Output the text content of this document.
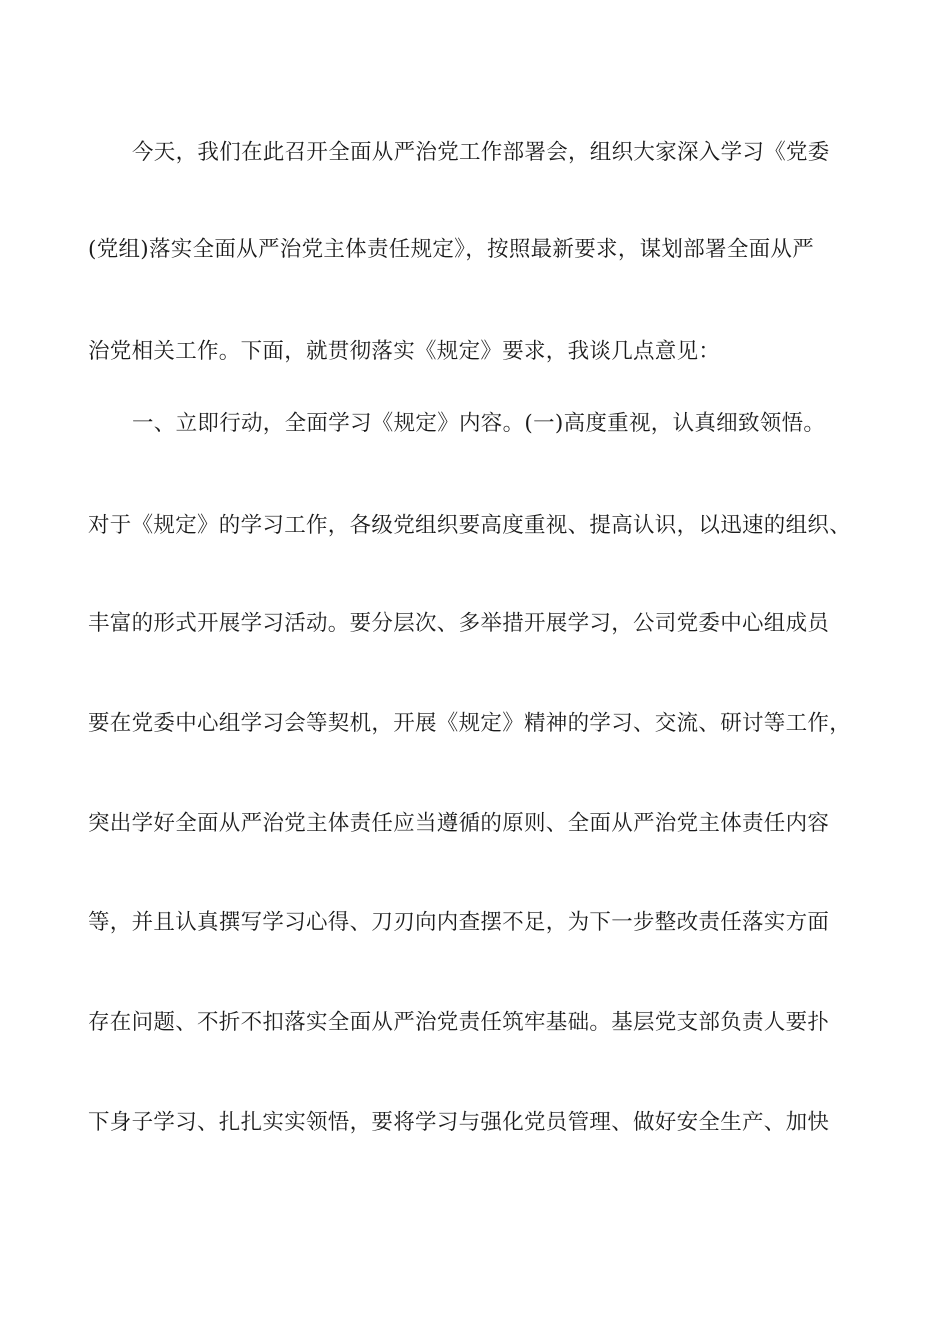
今天，我们在此召开全面从严治党工作部署会，组织大家深入学习《党委
(党组)落实全面从严治党主体责任规定》，按照最新要求，谋划部署全面从严
治党相关工作。下面，就贯彻落实《规定》要求，我谈几点意见：
一、立即行动，全面学习《规定》内容。(一)高度重视，认真细致领悟。
对于《规定》的学习工作，各级党组织要高度重视、提高认识，以迅速的组织、
丰富的形式开展学习活动。要分层次、多举措开展学习，公司党委中心组成员
要在党委中心组学习会等契机，开展《规定》精神的学习、交流、研讨等工作，
突出学好全面从严治党主体责任应当遵循的原则、全面从严治党主体责任内容
等，并且认真撰写学习心得、刀刃向内查摆不足，为下一步整改责任落实方面
存在问题、不折不扣落实全面从严治党责任筑牢基础。基层党支部负责人要扑
下身子学习、扎扎实实领悟，要将学习与强化党员管理、做好安全生产、加快
